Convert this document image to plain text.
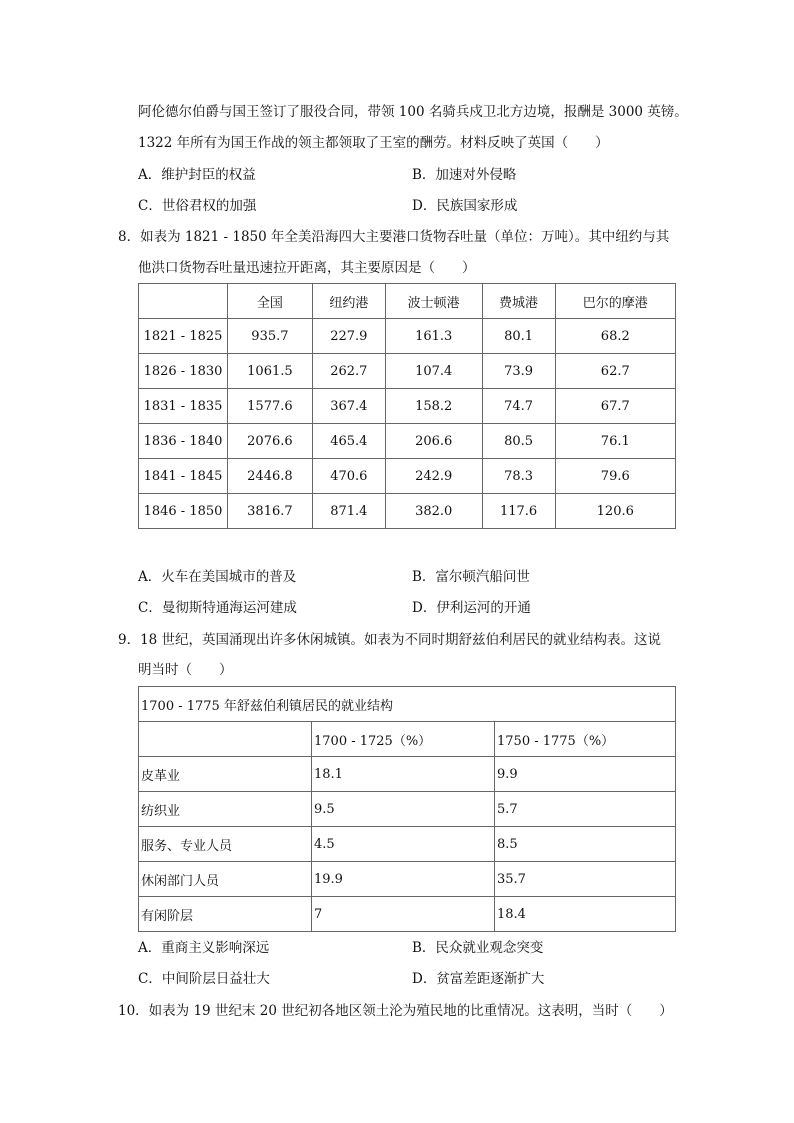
阿伦德尔伯爵与国王签订了服役合同，带领 100 名骑兵戍卫北方边境，报酬是 3000 英镑。
1322 年所有为国王作战的领主都领取了王室的酬劳。材料反映了英国（　　）
A．维护封臣的权益	B．加速对外侵略
C．世俗君权的加强	D．民族国家形成
8．如表为 1821 - 1850 年全美沿海四大主要港口货物吞吐量（单位：万吨）。其中纽约与其
他洪口货物吞吐量迅速拉开距离，其主要原因是（　　）
	全国	纽约港	波士顿港	费城港	巴尔的摩港
1821 - 1825	935.7	227.9	161.3	80.1	68.2
1826 - 1830	1061.5	262.7	107.4	73.9	62.7
1831 - 1835	1577.6	367.4	158.2	74.7	67.7
1836 - 1840	2076.6	465.4	206.6	80.5	76.1
1841 - 1845	2446.8	470.6	242.9	78.3	79.6
1846 - 1850	3816.7	871.4	382.0	117.6	120.6
A．火车在美国城市的普及	B．富尔顿汽船问世
C．曼彻斯特通海运河建成	D．伊利运河的开通
9．18 世纪，英国涌现出许多休闲城镇。如表为不同时期舒兹伯利居民的就业结构表。这说
明当时（　　）
1700 - 1775 年舒兹伯利镇居民的就业结构		
	1700 - 1725（%）	1750 - 1775（%）
皮革业	18.1	9.9
纺织业	9.5	5.7
服务、专业人员	4.5	8.5
休闲部门人员	19.9	35.7
有闲阶层	7	18.4
A．重商主义影响深远	B．民众就业观念突变
C．中间阶层日益壮大	D．贫富差距逐渐扩大
10．如表为 19 世纪末 20 世纪初各地区领土沦为殖民地的比重情况。这表明，当时（　　）
